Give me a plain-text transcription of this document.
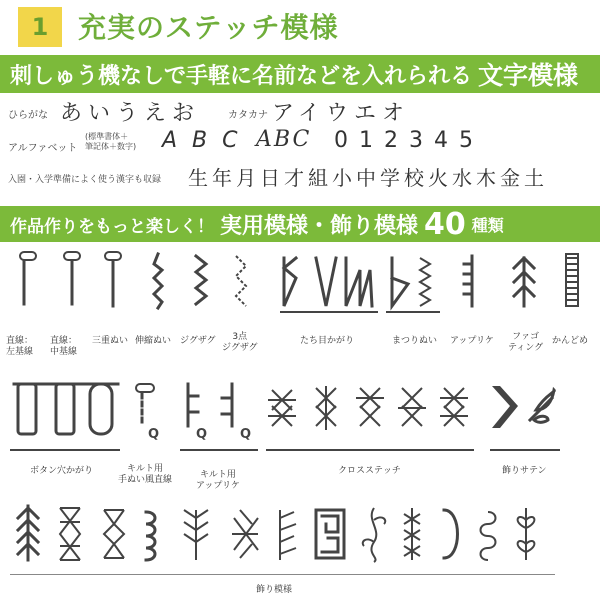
1	充実のステッチ模様
刺しゅう機なしで手軽に名前などを入れられる 文字模様
ひらがな あいうえお	カタカナ アイウエオ
アルファベット
(標準書体＋
筆記体＋数字) A B C ABC 0 1 2 3 4 5
入園・入学準備によく使う漢字も収録 生年月日才組小中学校火水木金土
作品作りをもっと楽しく！ 実用模様・飾り模様 40 種類
直線：
左基線
直線：
中基線
三重ぬい 伸縮ぬい ジグザグ	3点
ジグザグ
たち目かがり	まつりぬい アップリケ	ファゴ
ティング
かんどめ
Q	Q	Q
ボタン穴かがり	キルト用
手ぬい風直線	キルト用
アップリケ
クロスステッチ	飾りサテン
飾り模様
